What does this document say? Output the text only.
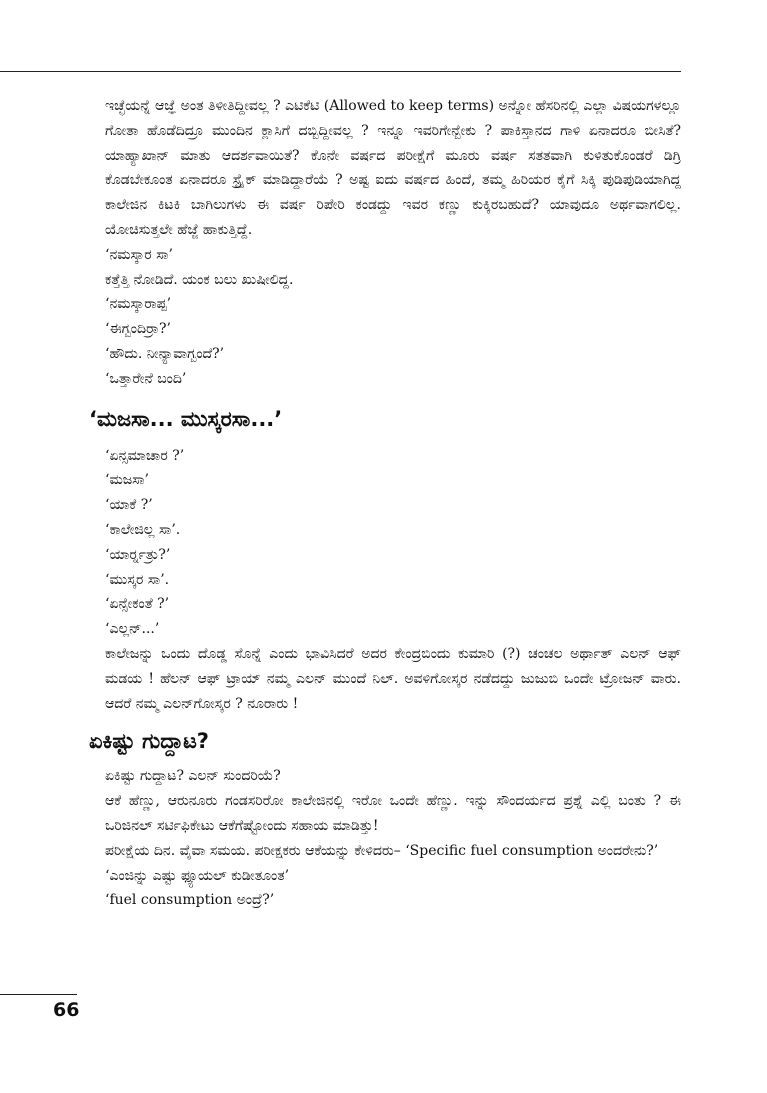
ಇಚ್ಛೆಯನ್ನೆ ಆಜ್ಞೆ ಅಂತ ತಿಳೀತಿದ್ದೀವಲ್ಲ ? ಎಟಿಕೆಟಿ (Allowed to keep terms) ಅನ್ನೋ ಹೆಸರಿನಲ್ಲಿ ಎಲ್ಲಾ ವಿಷಯಗಳಲ್ಲೂ ಗೋತಾ ಹೊಡೆದಿದ್ರೂ ಮುಂದಿನ ಕ್ಲಾಸಿಗೆ ದಬ್ಬಿದ್ದೀವಲ್ಲ ? ಇನ್ನೂ ಇವರಿಗೇನ್ಬೇಕು ? ಪಾಕಿಸ್ತಾನದ ಗಾಳಿ ಏನಾದರೂ ಬೀಸಿತೆ? ಯಾಹ್ಯಾಖಾನ್ ಮಾತು ಆದರ್ಶವಾಯಿತೆ? ಕೊನೇ ವರ್ಷದ ಪರೀಕ್ಷೆಗೆ ಮೂರು ವರ್ಷ ಸತತವಾಗಿ ಕುಳಿತುಕೊಂಡರೆ ಡಿಗ್ರಿ ಕೊಡಬೇಕೂಂತ ಏನಾದರೂ ಸ್ಟ್ರೈಕ್ ಮಾಡಿದ್ದಾರೆಯೆ ? ಅಷ್ಟ ಐದು ವರ್ಷದ ಹಿಂದೆ, ತಮ್ಮ ಹಿರಿಯರ ಕೈಗೆ ಸಿಕ್ಕಿ ಪುಡಿಪುಡಿಯಾಗಿದ್ದ ಕಾಲೇಜಿನ ಕಿಟಕಿ ಬಾಗಿಲುಗಳು ಈ ವರ್ಷ ರಿಪೇರಿ ಕಂಡದ್ದು ಇವರ ಕಣ್ಣು ಕುಕ್ಕಿರಬಹುದೆ? ಯಾವುದೂ ಅರ್ಥವಾಗಲಿಲ್ಲ. ಯೋಚಿಸುತ್ತಲೇ ಹೆಜ್ಜೆ ಹಾಕುತ್ತಿದ್ದೆ.

‘ನಮಸ್ಕಾರ ಸಾ’

ಕತ್ತೆತ್ತಿ ನೋಡಿದೆ. ಯಂಕ ಬಲು ಖುಷೀಲಿದ್ದ.

‘ನಮಸ್ಕಾರಾಪ್ಪ’

‘ಈಗ್ಬಂದಿರ್ರಾ?’

‘ಹೌದು. ನೀನ್ಯಾವಾಗ್ಬಂದೆ?’

‘ಒತ್ತಾರೇನೆ ಬಂದಿ’

‘ಮಜಸಾ... ಮುಸ್ಕರಸಾ...’

‘ಏನ್ಸಮಾಚಾರ ?’

‘ಮಜಸಾ’

‘ಯಾಕೆ ?’

‘ಕಾಲೇಜಿಲ್ಲ ಸಾ’.

‘ಯಾರ್ರ್ನತ್ರು?’

‘ಮುಸ್ಕರ ಸಾ’.

‘ಏನ್ಸೇಕಂತೆ ?’

‘ಎಲ್ಲನ್...’

ಕಾಲೇಜನ್ನು ಒಂದು ದೊಡ್ಡ ಸೊನ್ನೆ ಎಂದು ಭಾವಿಸಿದರೆ ಅದರ ಕೇಂದ್ರಬಿಂದು ಕುಮಾರಿ (?) ಚಂಚಲ ಅರ್ಥಾತ್ ಎಲನ್ ಆಫ್ ಮಡಯ ! ಹೆಲನ್ ಆಫ್ ಟ್ರಾಯ್ ನಮ್ಮ ಎಲನ್ ಮುಂದೆ ನಿಲ್. ಅವಳಿಗೋಸ್ಕರ ನಡೆದದ್ದು ಜುಜುಬಿ ಒಂದೇ ಟ್ರೋಜನ್ ವಾರು. ಆದರೆ ನಮ್ಮ ಎಲನ್‌ಗೋಸ್ಕರ ? ನೂರಾರು !

ಏಕಿಷ್ಟು ಗುದ್ದಾಟ?

ಏಕಿಷ್ಟು ಗುದ್ದಾಟ? ಎಲನ್ ಸುಂದರಿಯೆ?

ಆಕೆ ಹೆಣ್ಣು, ಆರುನೂರು ಗಂಡಸರಿರೋ ಕಾಲೇಜಿನಲ್ಲಿ ಇರೋ ಒಂದೇ ಹೆಣ್ಣು. ಇನ್ನು ಸೌಂದರ್ಯದ ಪ್ರಶ್ನೆ ಎಲ್ಲಿ ಬಂತು ? ಈ ಒರಿಜಿನಲ್ ಸರ್ಟಿಫಿಕೇಟು ಆಕೆಗೆಷ್ಟೋಂದು ಸಹಾಯ ಮಾಡಿತ್ತು!

ಪರೀಕ್ಷೆಯ ದಿನ. ವೈವಾ ಸಮಯ. ಪರೀಕ್ಷಕರು ಆಕೆಯನ್ನು ಕೇಳಿದರು– ‘Specific fuel consumption ಅಂದರೇನು?’

‘ಎಂಜಿನ್ನು ಎಷ್ಟು ಫ್ಯೂಯಲ್ ಕುಡೀತೂಂತ’

‘fuel consumption ಅಂದ್ರೆ?’

66
